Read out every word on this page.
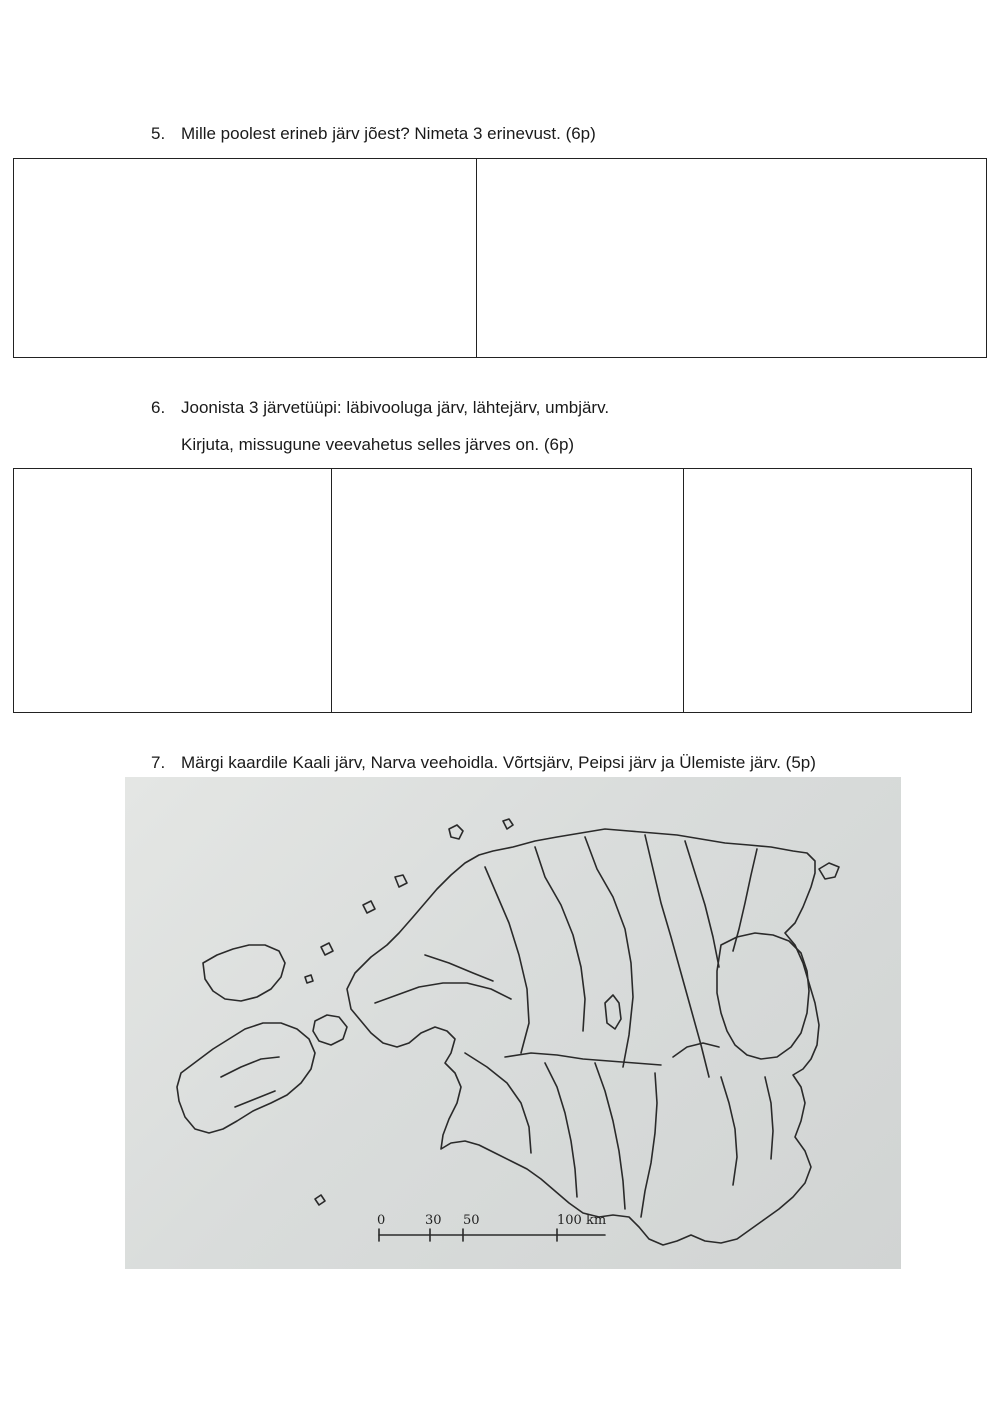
5. Mille poolest erineb järv jõest? Nimeta 3 erinevust. (6p)
6. Joonista 3 järvetüüpi: läbivooluga järv, lähtejärv, umbjärv.
Kirjuta, missugune veevahetus selles järves on. (6p)
7. Märgi kaardile Kaali järv, Narva veehoidla. Võrtsjärv, Peipsi järv ja Ülemiste järv. (5p)
0	30 50	100 km
